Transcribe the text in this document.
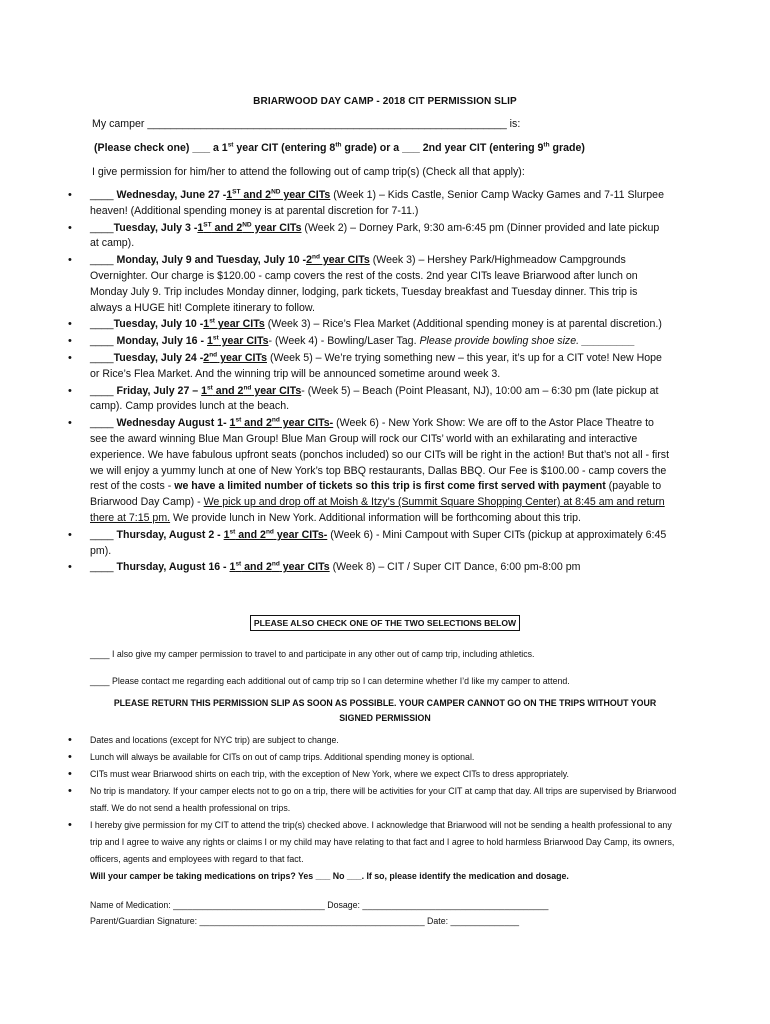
BRIARWOOD DAY CAMP - 2018 CIT PERMISSION SLIP
My camper _____________________________________________________________ is:
(Please check one) ___ a 1st year CIT (entering 8th grade) or a ___ 2nd year CIT (entering 9th grade)
I give permission for him/her to attend the following out of camp trip(s) (Check all that apply):
• ____ Wednesday, June 27 -1ST and 2ND year CITs (Week 1) – Kids Castle, Senior Camp Wacky Games and 7-11 Slurpee heaven! (Additional spending money is at parental discretion for 7-11.)
• ____Tuesday, July 3 -1ST and 2ND year CITs (Week 2) – Dorney Park, 9:30 am-6:45 pm (Dinner provided and late pickup at camp).
• ____ Monday, July 9 and Tuesday, July 10 -2nd year CITs (Week 3) – Hershey Park/Highmeadow Campgrounds Overnighter. Our charge is $120.00 - camp covers the rest of the costs. 2nd year CITs leave Briarwood after lunch on Monday July 9. Trip includes Monday dinner, lodging, park tickets, Tuesday breakfast and Tuesday dinner. This trip is always a HUGE hit! Complete itinerary to follow.
• ____Tuesday, July 10 -1st year CITs (Week 3) – Rice’s Flea Market (Additional spending money is at parental discretion.)
• ____ Monday, July 16 - 1st year CITs- (Week 4) - Bowling/Laser Tag. Please provide bowling shoe size. _________
• ____Tuesday, July 24 -2nd year CITs (Week 5) – We’re trying something new – this year, it’s up for a CIT vote! New Hope or Rice’s Flea Market. And the winning trip will be announced sometime around week 3.
• ____ Friday, July 27 – 1st and 2nd year CITs- (Week 5) – Beach (Point Pleasant, NJ), 10:00 am – 6:30 pm (late pickup at camp). Camp provides lunch at the beach.
• ____ Wednesday August 1- 1st and 2nd year CITs- (Week 6) - New York Show: We are off to the Astor Place Theatre to see the award winning Blue Man Group! Blue Man Group will rock our CITs’ world with an exhilarating and interactive experience. We have fabulous upfront seats (ponchos included) so our CITs will be right in the action! But that’s not all - first we will enjoy a yummy lunch at one of New York’s top BBQ restaurants, Dallas BBQ. Our Fee is $100.00 - camp covers the rest of the costs - we have a limited number of tickets so this trip is first come first served with payment (payable to Briarwood Day Camp) - We pick up and drop off at Moish & Itzy’s (Summit Square Shopping Center) at 8:45 am and return there at 7:15 pm. We provide lunch in New York. Additional information will be forthcoming about this trip.
• ____ Thursday, August 2 - 1st and 2nd year CITs- (Week 6) - Mini Campout with Super CITs (pickup at approximately 6:45 pm).
• ____ Thursday, August 16 - 1st and 2nd year CITs (Week 8) – CIT / Super CIT Dance, 6:00 pm-8:00 pm
PLEASE ALSO CHECK ONE OF THE TWO SELECTIONS BELOW
____ I also give my camper permission to travel to and participate in any other out of camp trip, including athletics.
____ Please contact me regarding each additional out of camp trip so I can determine whether I’d like my camper to attend.
PLEASE RETURN THIS PERMISSION SLIP AS SOON AS POSSIBLE. YOUR CAMPER CANNOT GO ON THE TRIPS WITHOUT YOUR
SIGNED PERMISSION
• Dates and locations (except for NYC trip) are subject to change.
• Lunch will always be available for CITs on out of camp trips. Additional spending money is optional.
• CITs must wear Briarwood shirts on each trip, with the exception of New York, where we expect CITs to dress appropriately.
• No trip is mandatory. If your camper elects not to go on a trip, there will be activities for your CIT at camp that day. All trips are supervised by Briarwood staff. We do not send a health professional on trips.
• I hereby give permission for my CIT to attend the trip(s) checked above. I acknowledge that Briarwood will not be sending a health professional to any trip and I agree to waive any rights or claims I or my child may have relating to that fact and I agree to hold harmless Briarwood Day Camp, its owners, officers, agents and employees with regard to that fact.
Will your camper be taking medications on trips? Yes ___ No ___. If so, please identify the medication and dosage.
Name of Medication: _______________________________ Dosage: ______________________________________
Parent/Guardian Signature: ______________________________________________ Date: ______________
